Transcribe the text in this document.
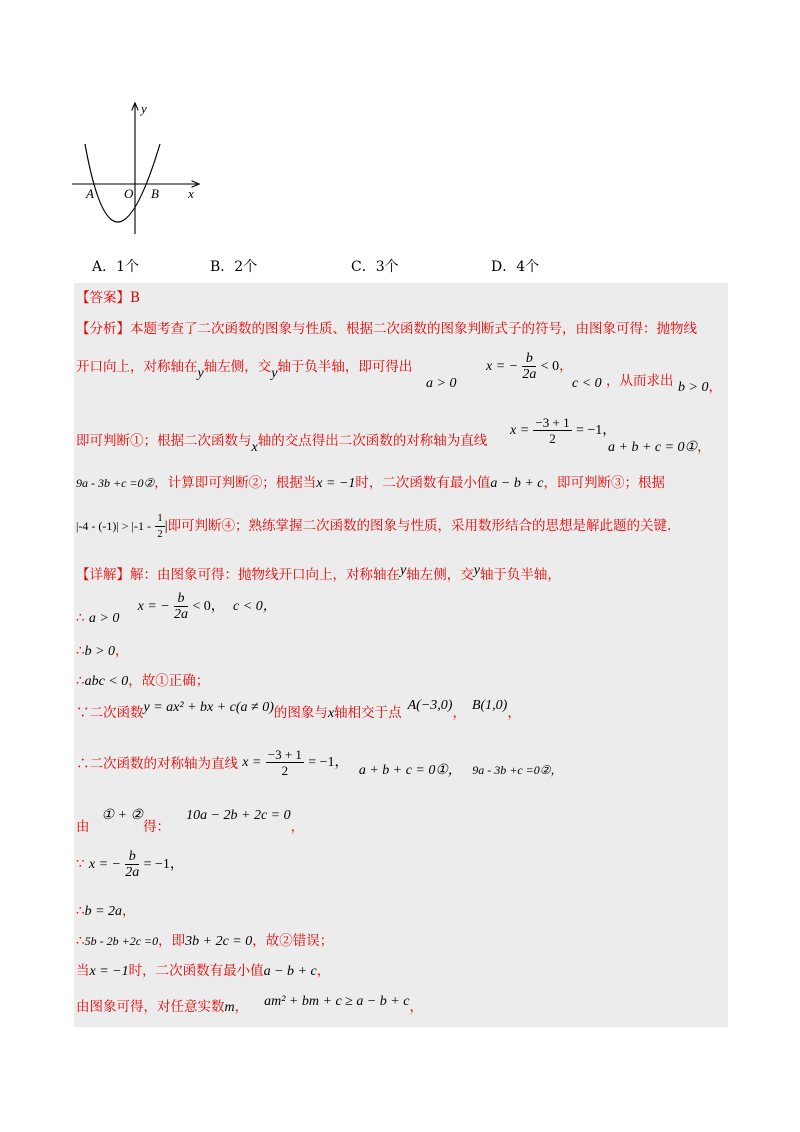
y
x
A O B
A．1个	B．2个	C．3个	D．4个
【答案】B
【分析】本题考查了二次函数的图象与性质、根据二次函数的图象判断式子的符号，由图象可得：抛物线
开口向上，对称轴在y轴左侧，交y轴于负半轴，即可得出
a > 0
x = − $\frac{b}{2a} < 0$，
c < 0 ，从而求出 b > 0，
即可判断①；根据二次函数与x轴的交点得出二次函数的对称轴为直线
$x = \frac{-3 + 1}{2} = -1$，
a + b + c = 0①，
9a - 3b +c =0②，计算即可判断②；根据当x = −1时，二次函数有最小值a − b + c，即可判断③；根据
$|-4 - (-1)| > |-1 - \frac{1}{2}$ |即可判断④；熟练掌握二次函数的图象与性质，采用数形结合的思想是解此题的关键.
【详解】解：由图象可得：抛物线开口向上，对称轴在y轴左侧，交y轴于负半轴，
∴ a > 0 x = − $\frac{b}{2a} < 0$， c < 0，
∴b > 0，
∴abc < 0，故①正确；
∵二次函数y = ax² + bx + c(a ≠ 0)的图象与x轴相交于点 A(−3,0)， B(1,0)，
∴二次函数的对称轴为直线 $x = \frac{-3 + 1}{2} = -1$， a + b + c = 0①， 9a - 3b +c =0②，
由① + ②得：10a − 2b + 2c = 0，
∵ x = − $\frac{b}{2a} = -1$，
∴b = 2a，
∴5b - 2b +2c =0，即3b + 2c = 0，故②错误；
当x = −1时，二次函数有最小值a − b + c，
由图象可得，对任意实数m， am² + bm + c ≥ a − b + c，
